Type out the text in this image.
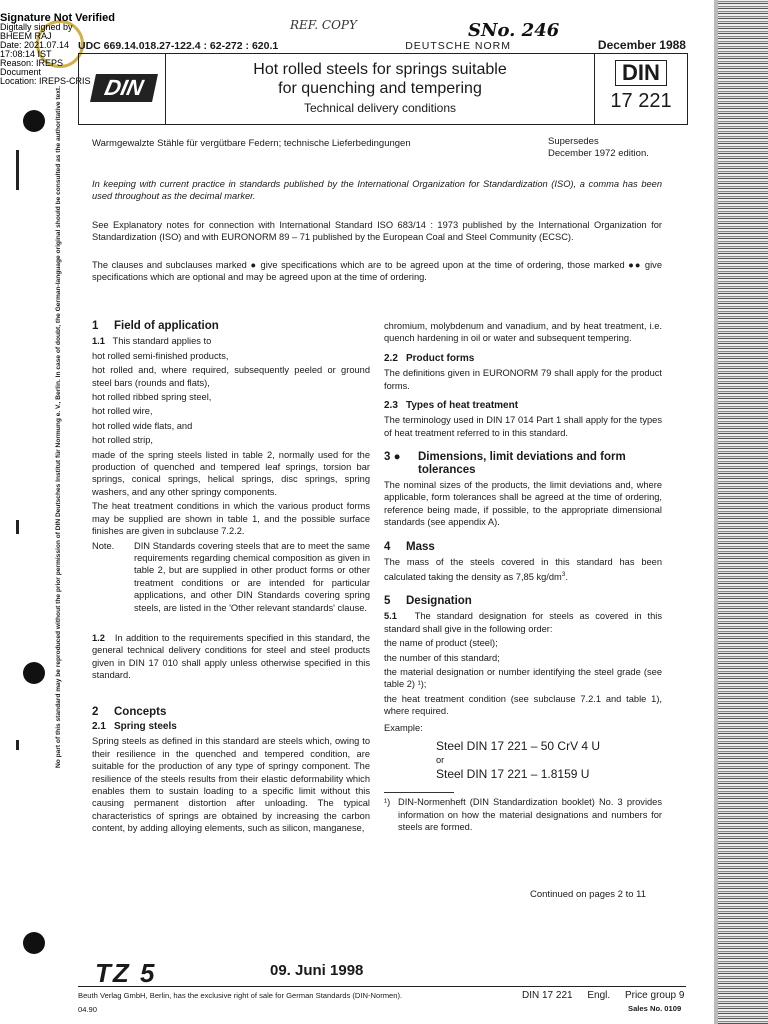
Signature Not Verified
Digitally signed by
BHEEM RAJ
Date: 2021.07.14
17:08:14 IST
Reason: IREPS
Document
Location: IREPS-CRIS
REF. COPY	SNo. 246
No part of this standard may be reproduced without the prior permission of DIN Deutsches Institut für Normung e. V., Berlin. In case of doubt, the German-language original should be consulted as the authoritative text.
UDC 669.14.018.27-122.4 : 62-272 : 620.1	DEUTSCHE NORM	December 1988
DIN
Hot rolled steels for springs suitable
for quenching and tempering
Technical delivery conditions
DIN
17 221
Warmgewalzte Stähle für vergütbare Federn; technische Lieferbedingungen	Supersedes
December 1972 edition.
In keeping with current practice in standards published by the International Organization for Standardization (ISO), a comma has been used throughout as the decimal marker.
See Explanatory notes for connection with International Standard ISO 683/14 : 1973 published by the International Organization for Standardization (ISO) and with EURONORM 89 – 71 published by the European Coal and Steel Community (ECSC).
The clauses and subclauses marked ● give specifications which are to be agreed upon at the time of ordering, those marked ●● give specifications which are optional and may be agreed upon at the time of ordering.
1 Field of application

1.1 This standard applies to

hot rolled semi-finished products,

hot rolled and, where required, subsequently peeled or ground steel bars (rounds and flats),

hot rolled ribbed spring steel,

hot rolled wire,

hot rolled wide flats, and

hot rolled strip,

made of the spring steels listed in table 2, normally used for the production of quenched and tempered leaf springs, torsion bar springs, conical springs, helical springs, disc springs, spring washers, and any other springy components.

The heat treatment conditions in which the various product forms may be supplied are shown in table 1, and the possible surface finishes are given in subclause 7.2.2.

Note.	DIN Standards covering steels that are to meet the same requirements regarding chemical composition as given in table 2, but are supplied in other product forms or other treatment conditions or are intended for particular applications, and other DIN Standards covering spring steels, are listed in the 'Other relevant standards' clause.

1.2 In addition to the requirements specified in this standard, the general technical delivery conditions for steel and steel products given in DIN 17 010 shall apply unless otherwise specified in this standard.

2 Concepts
2.1 Spring steels

Spring steels as defined in this standard are steels which, owing to their resilience in the quenched and tempered condition, are suitable for the production of any type of springy component. The resilience of the steels results from their elastic deformability which enables them to sustain loading to a specific limit without this causing permanent distortion after unloading. The typical characteristics of springs are obtained by increasing the carbon content, by adding alloying elements, such as silicon, manganese,

chromium, molybdenum and vanadium, and by heat treatment, i.e. quench hardening in oil or water and subsequent tempering.

2.2 Product forms

The definitions given in EURONORM 79 shall apply for the product forms.

2.3 Types of heat treatment

The terminology used in DIN 17 014 Part 1 shall apply for the types of heat treatment referred to in this standard.

3 ●	Dimensions, limit deviations and form tolerances

The nominal sizes of the products, the limit deviations and, where applicable, form tolerances shall be agreed at the time of ordering, reference being made, if possible, to the appropriate dimensional standards (see appendix A).

4 Mass

The mass of the steels covered in this standard has been calculated taking the density as 7,85 $kg/dm^3$.

5 Designation

5.1 The standard designation for steels as covered in this standard shall give in the following order:

the name of product (steel);

the number of this standard;

the material designation or number identifying the steel grade (see table 2) ¹);

the heat treatment condition (see subclause 7.2.1 and table 1), where required.

Example:

Steel DIN 17 221 – 50 CrV 4 U
or
Steel DIN 17 221 – 1.8159 U
¹) DIN-Normenheft (DIN Standardization booklet) No. 3 provides information on how the material designations and numbers for steels are formed.

Continued on pages 2 to 11
TZ 5	09. Juni 1998
Beuth Verlag GmbH, Berlin, has the exclusive right of sale for German Standards (DIN-Normen).
04.90
DIN 17 221 Engl. Price group 9
Sales No. 0109
